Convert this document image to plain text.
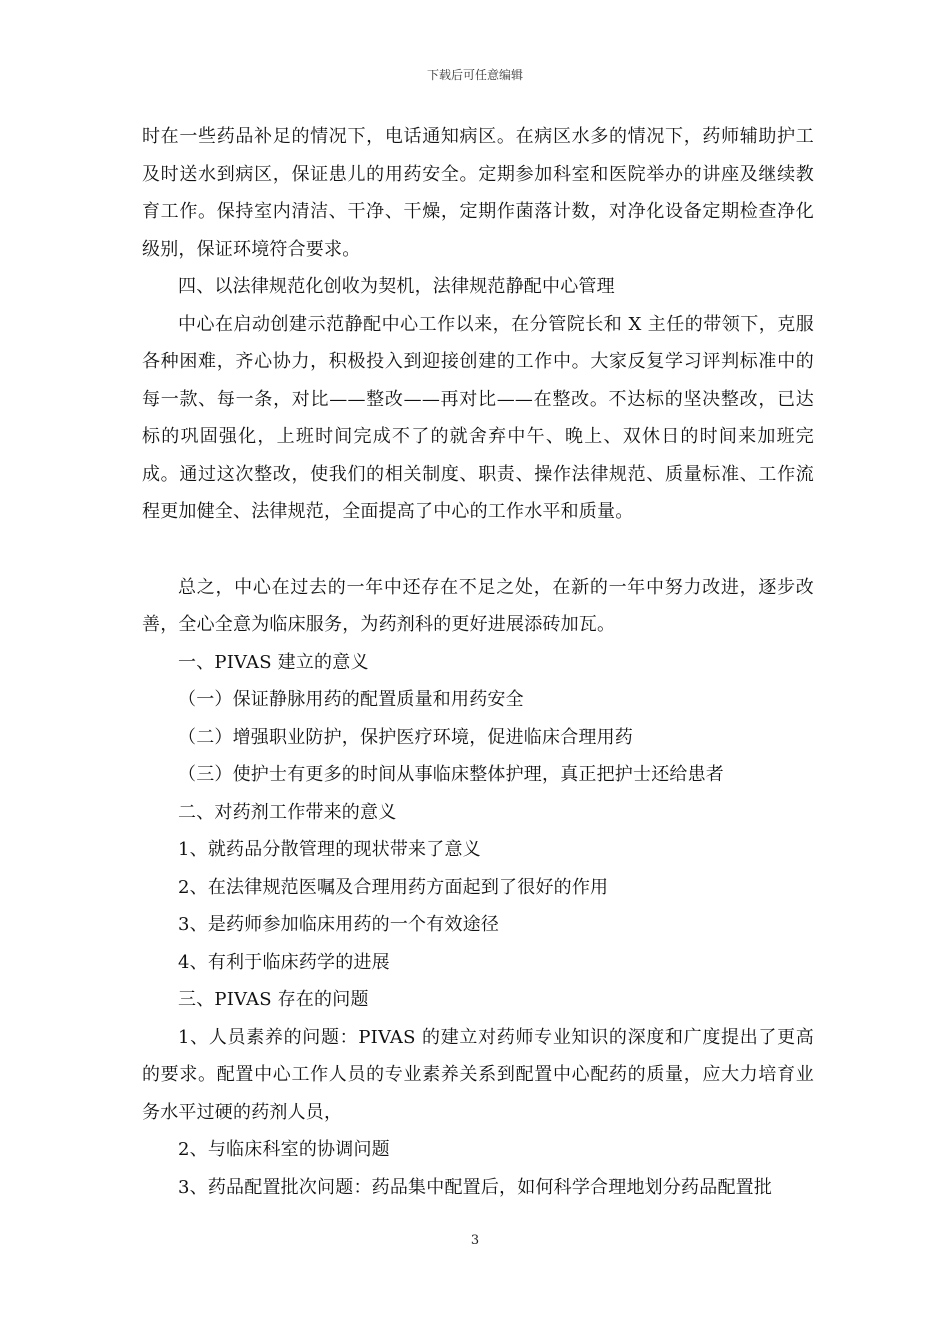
下载后可任意编辑

时在一些药品补足的情况下，电话通知病区。在病区水多的情况下，药师辅助护工及时送水到病区，保证患儿的用药安全。定期参加科室和医院举办的讲座及继续教育工作。保持室内清洁、干净、干燥，定期作菌落计数，对净化设备定期检查净化级别，保证环境符合要求。

四、以法律规范化创收为契机，法律规范静配中心管理

中心在启动创建示范静配中心工作以来，在分管院长和 X 主任的带领下，克服各种困难，齐心协力，积极投入到迎接创建的工作中。大家反复学习评判标准中的每一款、每一条，对比——整改——再对比——在整改。不达标的坚决整改，已达标的巩固强化，上班时间完成不了的就舍弃中午、晚上、双休日的时间来加班完成。通过这次整改，使我们的相关制度、职责、操作法律规范、质量标准、工作流程更加健全、法律规范，全面提高了中心的工作水平和质量。

总之，中心在过去的一年中还存在不足之处，在新的一年中努力改进，逐步改善，全心全意为临床服务，为药剂科的更好进展添砖加瓦。

一、PIVAS 建立的意义

（一）保证静脉用药的配置质量和用药安全

（二）增强职业防护，保护医疗环境，促进临床合理用药

（三）使护士有更多的时间从事临床整体护理，真正把护士还给患者

二、对药剂工作带来的意义

1、就药品分散管理的现状带来了意义

2、在法律规范医嘱及合理用药方面起到了很好的作用

3、是药师参加临床用药的一个有效途径

4、有利于临床药学的进展

三、PIVAS 存在的问题

1、人员素养的问题：PIVAS 的建立对药师专业知识的深度和广度提出了更高的要求。配置中心工作人员的专业素养关系到配置中心配药的质量，应大力培育业务水平过硬的药剂人员，

2、与临床科室的协调问题

3、药品配置批次问题：药品集中配置后，如何科学合理地划分药品配置批

3
